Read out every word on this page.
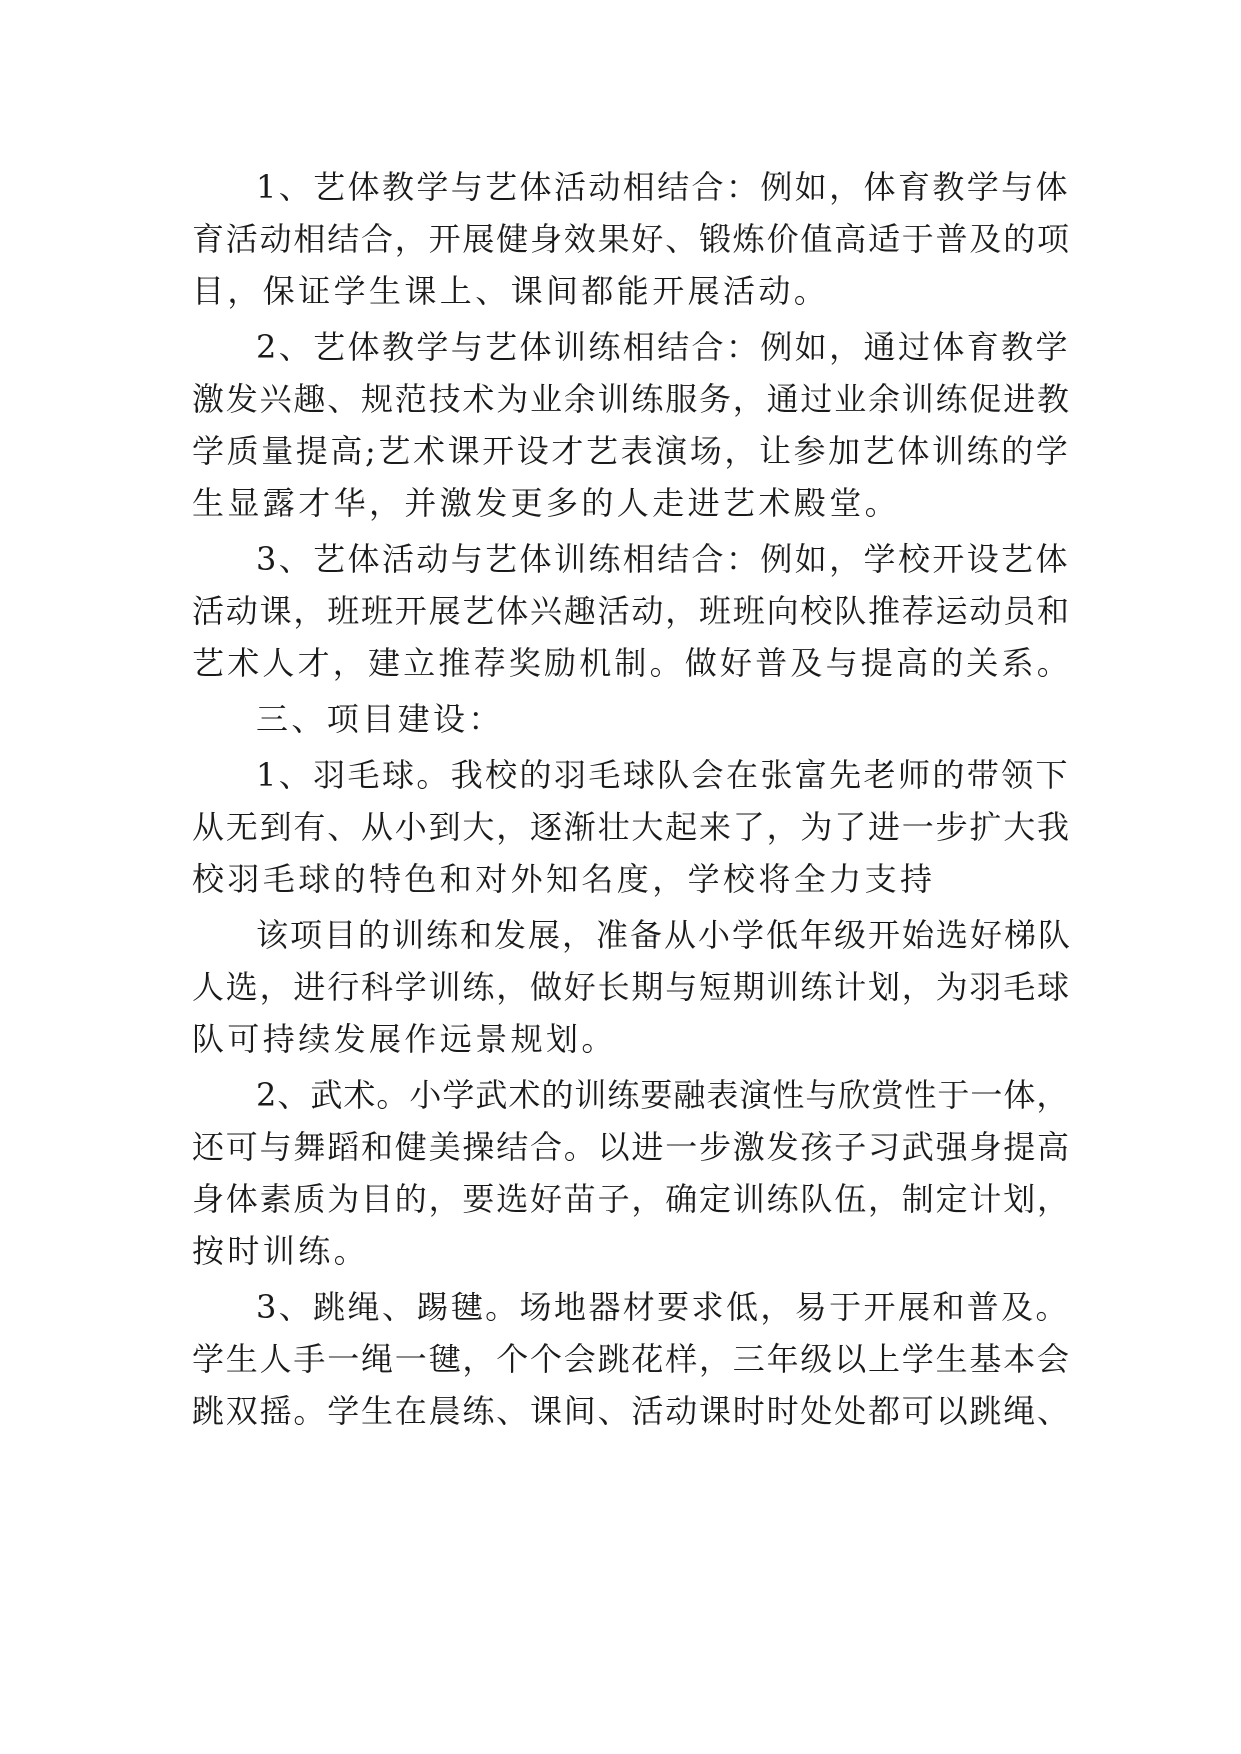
1、艺体教学与艺体活动相结合：例如，体育教学与体
育活动相结合，开展健身效果好、锻炼价值高适于普及的项
目，保证学生课上、课间都能开展活动。
2、艺体教学与艺体训练相结合：例如，通过体育教学
激发兴趣、规范技术为业余训练服务，通过业余训练促进教
学质量提高;艺术课开设才艺表演场，让参加艺体训练的学
生显露才华，并激发更多的人走进艺术殿堂。
3、艺体活动与艺体训练相结合：例如，学校开设艺体
活动课，班班开展艺体兴趣活动，班班向校队推荐运动员和
艺术人才，建立推荐奖励机制。做好普及与提高的关系。
三、项目建设：
1、羽毛球。我校的羽毛球队会在张富先老师的带领下
从无到有、从小到大，逐渐壮大起来了，为了进一步扩大我
校羽毛球的特色和对外知名度，学校将全力支持
该项目的训练和发展，准备从小学低年级开始选好梯队
人选，进行科学训练，做好长期与短期训练计划，为羽毛球
队可持续发展作远景规划。
2、武术。小学武术的训练要融表演性与欣赏性于一体，
还可与舞蹈和健美操结合。以进一步激发孩子习武强身提高
身体素质为目的，要选好苗子，确定训练队伍，制定计划，
按时训练。
3、跳绳、踢毽。场地器材要求低，易于开展和普及。
学生人手一绳一毽，个个会跳花样，三年级以上学生基本会
跳双摇。学生在晨练、课间、活动课时时处处都可以跳绳、
